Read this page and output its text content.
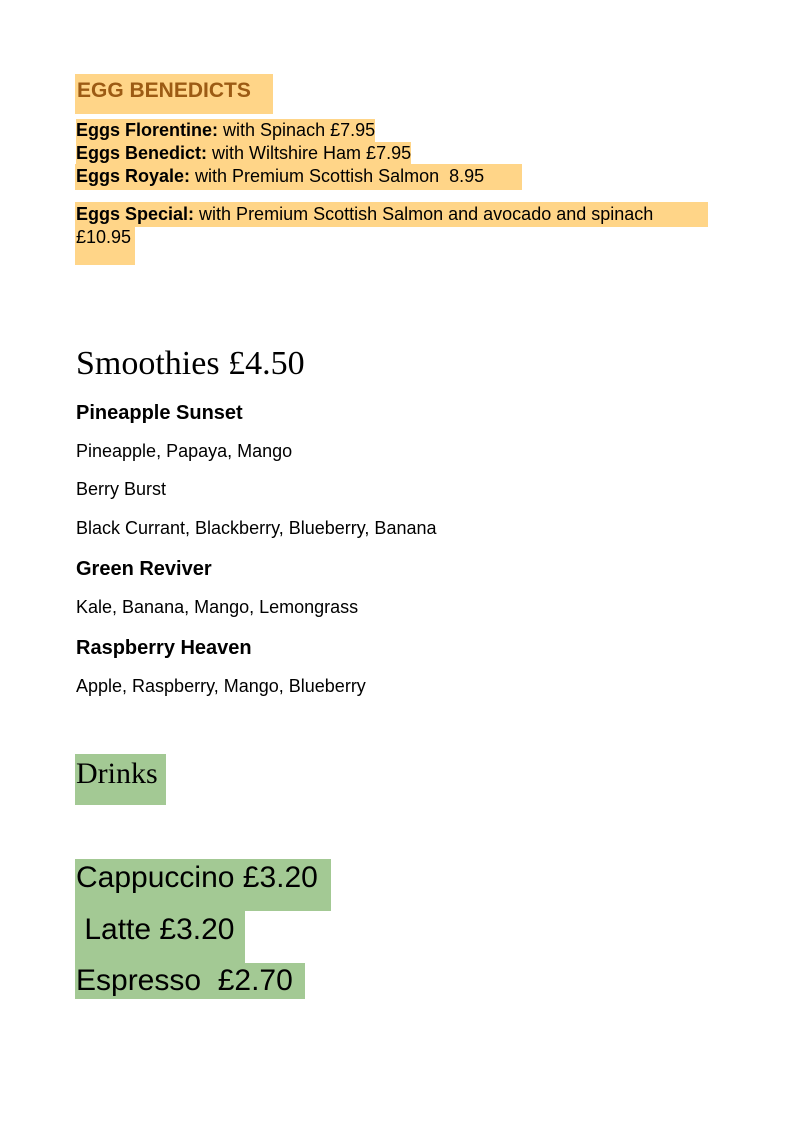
EGG BENEDICTS
Eggs Florentine: with Spinach £7.95
Eggs Benedict: with Wiltshire Ham £7.95
Eggs Royale: with Premium Scottish Salmon  8.95
Eggs Special: with Premium Scottish Salmon and avocado and spinach
£10.95
Smoothies £4.50
Pineapple Sunset
Pineapple, Papaya, Mango
Berry Burst
Black Currant, Blackberry, Blueberry, Banana
Green Reviver
Kale, Banana, Mango, Lemongrass
Raspberry Heaven
Apple, Raspberry, Mango, Blueberry
Drinks
Cappuccino £3.20
Latte £3.20
Espresso  £2.70
